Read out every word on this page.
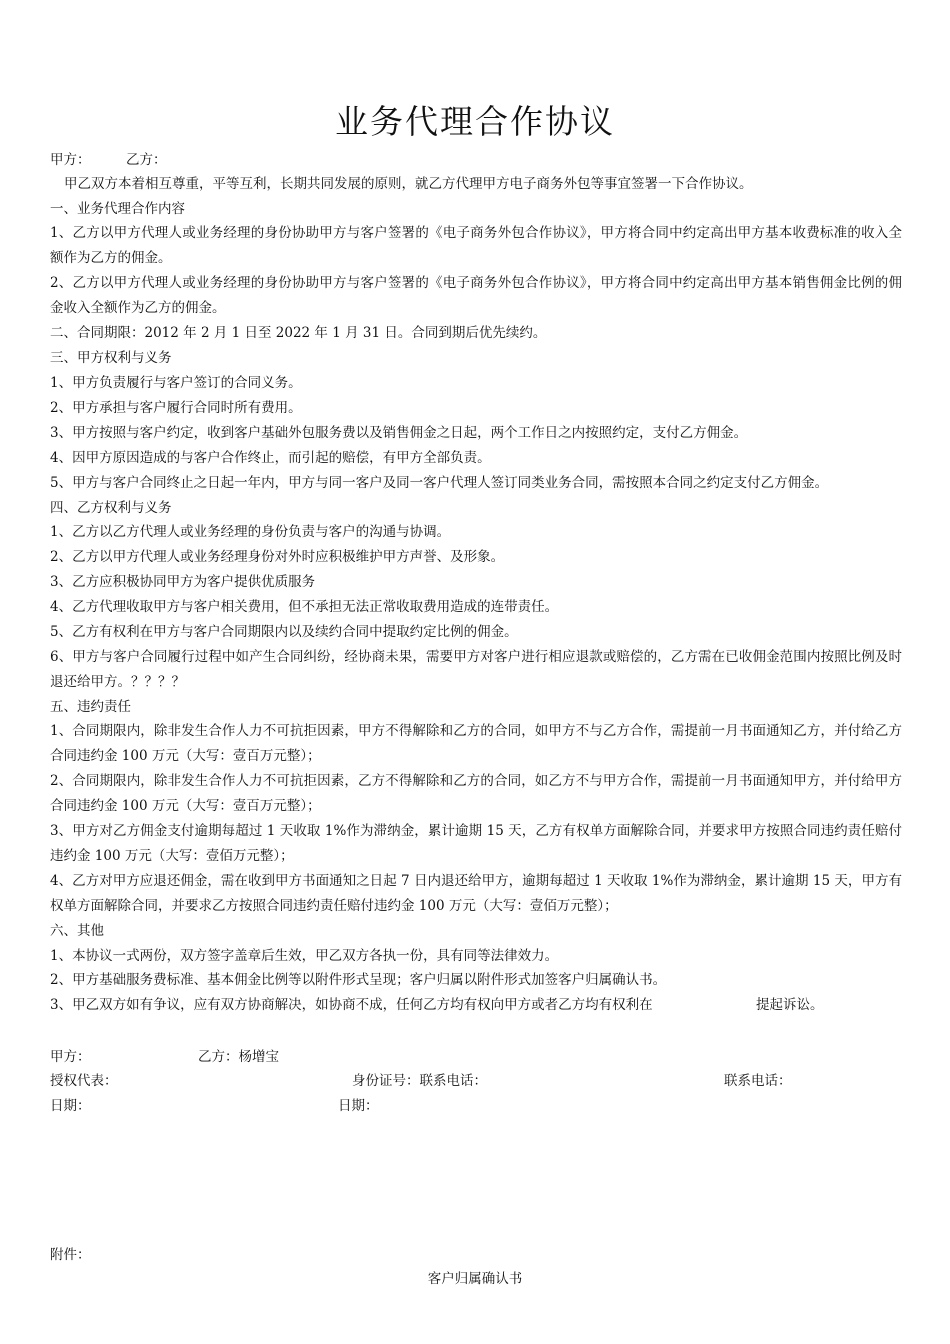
业务代理合作协议
甲方：	乙方：
甲乙双方本着相互尊重，平等互利，长期共同发展的原则，就乙方代理甲方电子商务外包等事宜签署一下合作协议。
一、业务代理合作内容
1、乙方以甲方代理人或业务经理的身份协助甲方与客户签署的《电子商务外包合作协议》，甲方将合同中约定高出甲方基本收费标准的收入全额作为乙方的佣金。
2、乙方以甲方代理人或业务经理的身份协助甲方与客户签署的《电子商务外包合作协议》，甲方将合同中约定高出甲方基本销售佣金比例的佣金收入全额作为乙方的佣金。
二、合同期限：2012 年 2 月 1 日至 2022 年 1 月 31 日。合同到期后优先续约。
三、甲方权利与义务
1、甲方负责履行与客户签订的合同义务。
2、甲方承担与客户履行合同时所有费用。
3、甲方按照与客户约定，收到客户基础外包服务费以及销售佣金之日起，两个工作日之内按照约定，支付乙方佣金。
4、因甲方原因造成的与客户合作终止，而引起的赔偿，有甲方全部负责。
5、甲方与客户合同终止之日起一年内，甲方与同一客户及同一客户代理人签订同类业务合同，需按照本合同之约定支付乙方佣金。
四、乙方权利与义务
1、乙方以乙方代理人或业务经理的身份负责与客户的沟通与协调。
2、乙方以甲方代理人或业务经理身份对外时应积极维护甲方声誉、及形象。
3、乙方应积极协同甲方为客户提供优质服务
4、乙方代理收取甲方与客户相关费用，但不承担无法正常收取费用造成的连带责任。
5、乙方有权利在甲方与客户合同期限内以及续约合同中提取约定比例的佣金。
6、甲方与客户合同履行过程中如产生合同纠纷，经协商未果，需要甲方对客户进行相应退款或赔偿的，乙方需在已收佣金范围内按照比例及时退还给甲方。？？？？
五、违约责任
1、合同期限内，除非发生合作人力不可抗拒因素，甲方不得解除和乙方的合同，如甲方不与乙方合作，需提前一月书面通知乙方，并付给乙方合同违约金 100 万元（大写：壹百万元整）；
2、合同期限内，除非发生合作人力不可抗拒因素，乙方不得解除和乙方的合同，如乙方不与甲方合作，需提前一月书面通知甲方，并付给甲方合同违约金 100 万元（大写：壹百万元整）；
3、甲方对乙方佣金支付逾期每超过 1 天收取 1%作为滞纳金，累计逾期 15 天，乙方有权单方面解除合同，并要求甲方按照合同违约责任赔付违约金 100 万元（大写：壹佰万元整）；
4、乙方对甲方应退还佣金，需在收到甲方书面通知之日起 7 日内退还给甲方，逾期每超过 1 天收取 1%作为滞纳金，累计逾期 15 天，甲方有权单方面解除合同，并要求乙方按照合同违约责任赔付违约金 100 万元（大写：壹佰万元整）；
六、其他
1、本协议一式两份，双方签字盖章后生效，甲乙双方各执一份，具有同等法律效力。
2、甲方基础服务费标准、基本佣金比例等以附件形式呈现；客户归属以附件形式加签客户归属确认书。
3、甲乙双方如有争议，应有双方协商解决，如协商不成，任何乙方均有权向甲方或者乙方均有权利在	提起诉讼。
甲方：	乙方：杨增宝
授权代表：	身份证号：联系电话：	联系电话：
日期：	日期：
附件：
客户归属确认书
